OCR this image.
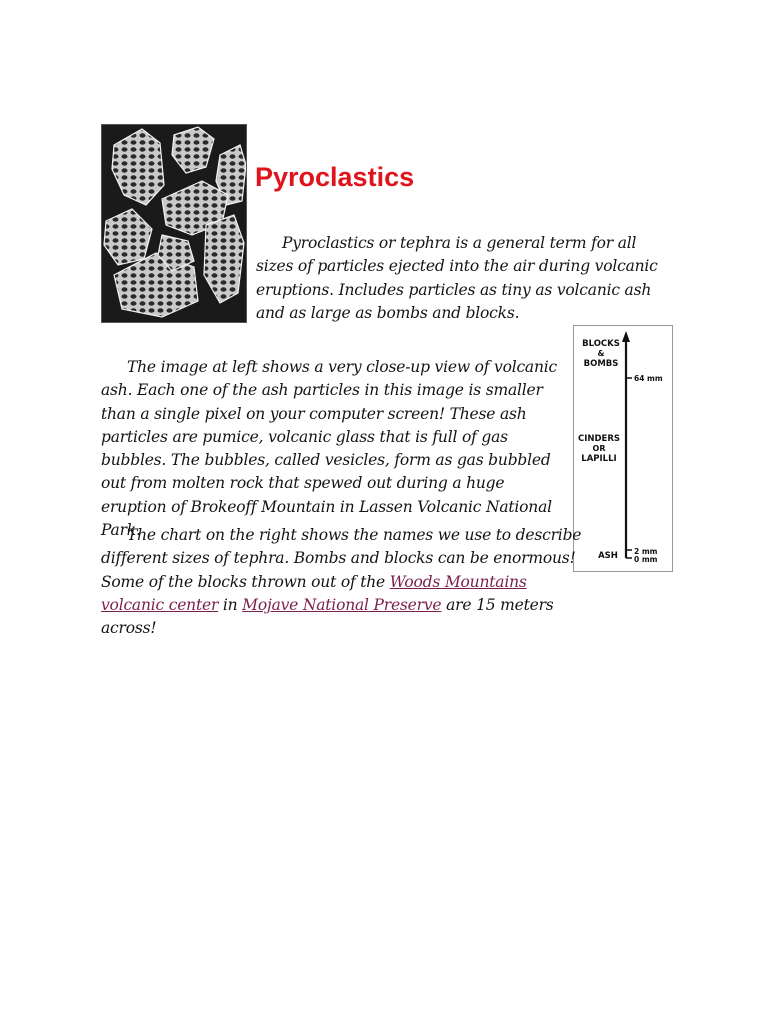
Pyroclastics

Pyroclastics or tephra is a general term for all sizes of particles ejected into the air during volcanic eruptions. Includes particles as tiny as volcanic ash and as large as bombs and blocks.

BLOCKS
&
BOMBS
CINDERS
OR
LAPILLI
ASH
64 mm
2 mm
0 mm

The image at left shows a very close-up view of volcanic ash. Each one of the ash particles in this image is smaller than a single pixel on your computer screen! These ash particles are pumice, volcanic glass that is full of gas bubbles. The bubbles, called vesicles, form as gas bubbled out from molten rock that spewed out during a huge eruption of Brokeoff Mountain in Lassen Volcanic National Park.

The chart on the right shows the names we use to describe different sizes of tephra. Bombs and blocks can be enormous! Some of the blocks thrown out of the Woods Mountains volcanic center in Mojave National Preserve are 15 meters across!
